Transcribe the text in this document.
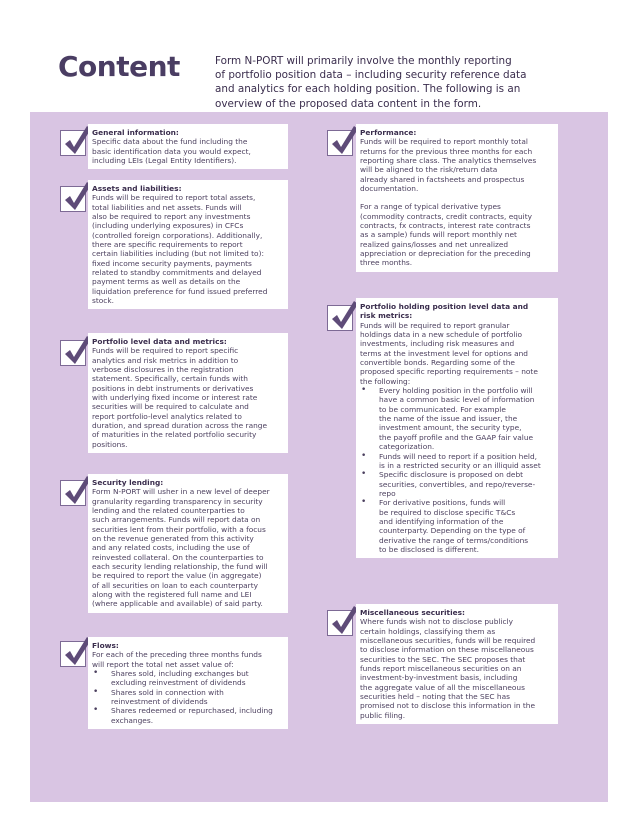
Content	Form N-PORT will primarily involve the monthly reporting
of portfolio position data – including security reference data
and analytics for each holding position. The following is an
overview of the proposed data content in the form.
General information:

Specific data about the fund including the

basic identification data you would expect,

including LEIs (Legal Entity Identifiers).

Assets and liabilities:

Funds will be required to report total assets,

total liabilities and net assets. Funds will

also be required to report any investments

(including underlying exposures) in CFCs

(controlled foreign corporations). Additionally,

there are specific requirements to report

certain liabilities including (but not limited to):

fixed income security payments, payments

related to standby commitments and delayed

payment terms as well as details on the

liquidation preference for fund issued preferred

stock.

Portfolio level data and metrics:

Funds will be required to report specific

analytics and risk metrics in addition to

verbose disclosures in the registration

statement. Specifically, certain funds with

positions in debt instruments or derivatives

with underlying fixed income or interest rate

securities will be required to calculate and

report portfolio-level analytics related to

duration, and spread duration across the range

of maturities in the related portfolio security

positions.

Security lending:

Form N-PORT will usher in a new level of deeper

granularity regarding transparency in security

lending and the related counterparties to

such arrangements. Funds will report data on

securities lent from their portfolio, with a focus

on the revenue generated from this activity

and any related costs, including the use of

reinvested collateral. On the counterparties to

each security lending relationship, the fund will

be required to report the value (in aggregate)

of all securities on loan to each counterparty

along with the registered full name and LEI

(where applicable and available) of said party.

Flows:

For each of the preceding three months funds

will report the total net asset value of:

• Shares sold, including exchanges but
excluding reinvestment of dividends
• Shares sold in connection with
reinvestment of dividends
• Shares redeemed or repurchased, including
exchanges.
Performance:

Funds will be required to report monthly total

returns for the previous three months for each

reporting share class. The analytics themselves

will be aligned to the risk/return data

already shared in factsheets and prospectus

documentation.

For a range of typical derivative types

(commodity contracts, credit contracts, equity

contracts, fx contracts, interest rate contracts

as a sample) funds will report monthly net

realized gains/losses and net unrealized

appreciation or depreciation for the preceding

three months.

Portfolio holding position level data and
risk metrics:

Funds will be required to report granular

holdings data in a new schedule of portfolio

investments, including risk measures and

terms at the investment level for options and

convertible bonds. Regarding some of the

proposed specific reporting requirements – note

the following:

• Every holding position in the portfolio will
have a common basic level of information
to be communicated. For example
the name of the issue and issuer, the
investment amount, the security type,
the payoff profile and the GAAP fair value
categorization.
• Funds will need to report if a position held,
is in a restricted security or an illiquid asset
• Specific disclosure is proposed on debt
securities, convertibles, and repo/reverse-
repo
• For derivative positions, funds will
be required to disclose specific T&Cs
and identifying information of the
counterparty. Depending on the type of
derivative the range of terms/conditions
to be disclosed is different.
Miscellaneous securities:

Where funds wish not to disclose publicly

certain holdings, classifying them as

miscellaneous securities, funds will be required

to disclose information on these miscellaneous

securities to the SEC. The SEC proposes that

funds report miscellaneous securities on an

investment-by-investment basis, including

the aggregate value of all the miscellaneous

securities held – noting that the SEC has

promised not to disclose this information in the

public filing.
